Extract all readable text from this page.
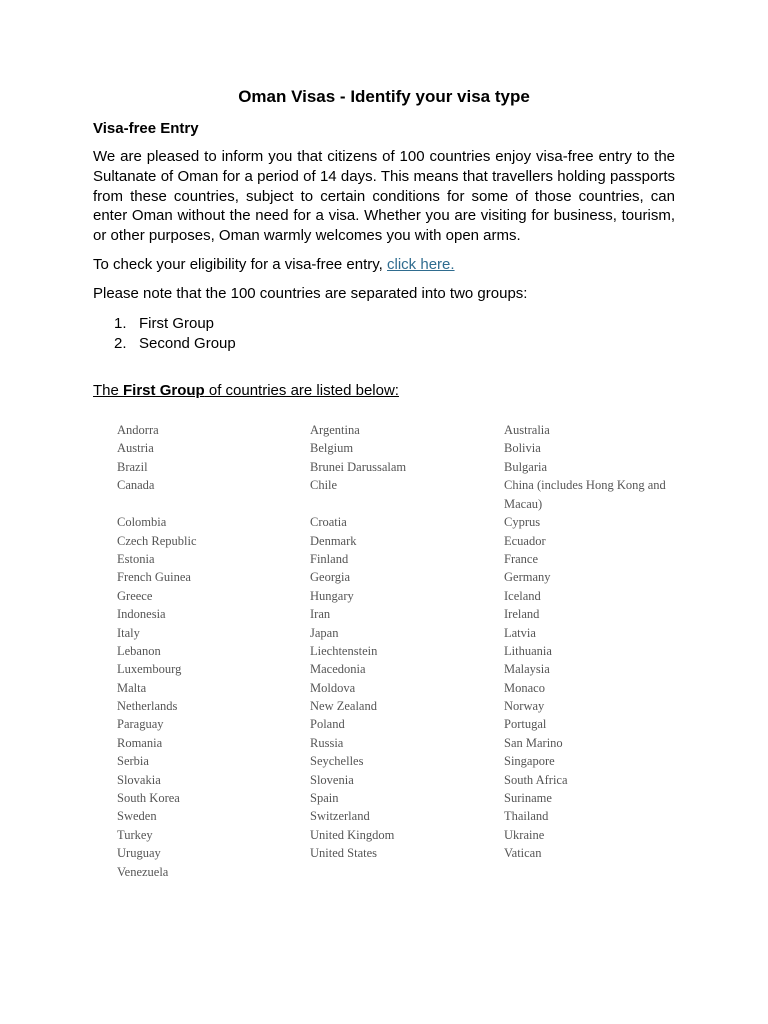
Oman Visas - Identify your visa type
Visa-free Entry

We are pleased to inform you that citizens of 100 countries enjoy visa-free entry to the Sultanate of Oman for a period of 14 days. This means that travellers holding passports from these countries, subject to certain conditions for some of those countries, can enter Oman without the need for a visa. Whether you are visiting for business, tourism, or other purposes, Oman warmly welcomes you with open arms.

To check your eligibility for a visa-free entry, click here.

Please note that the 100 countries are separated into two groups:

1. First Group
2. Second Group
The First Group of countries are listed below:
Andorra	Argentina	Australia
Austria	Belgium	Bolivia
Brazil	Brunei Darussalam	Bulgaria
Canada	Chile	China (includes Hong Kong and Macau)
Colombia	Croatia	Cyprus
Czech Republic	Denmark	Ecuador
Estonia	Finland	France
French Guinea	Georgia	Germany
Greece	Hungary	Iceland
Indonesia	Iran	Ireland
Italy	Japan	Latvia
Lebanon	Liechtenstein	Lithuania
Luxembourg	Macedonia	Malaysia
Malta	Moldova	Monaco
Netherlands	New Zealand	Norway
Paraguay	Poland	Portugal
Romania	Russia	San Marino
Serbia	Seychelles	Singapore
Slovakia	Slovenia	South Africa
South Korea	Spain	Suriname
Sweden	Switzerland	Thailand
Turkey	United Kingdom	Ukraine
Uruguay	United States	Vatican
Venezuela
